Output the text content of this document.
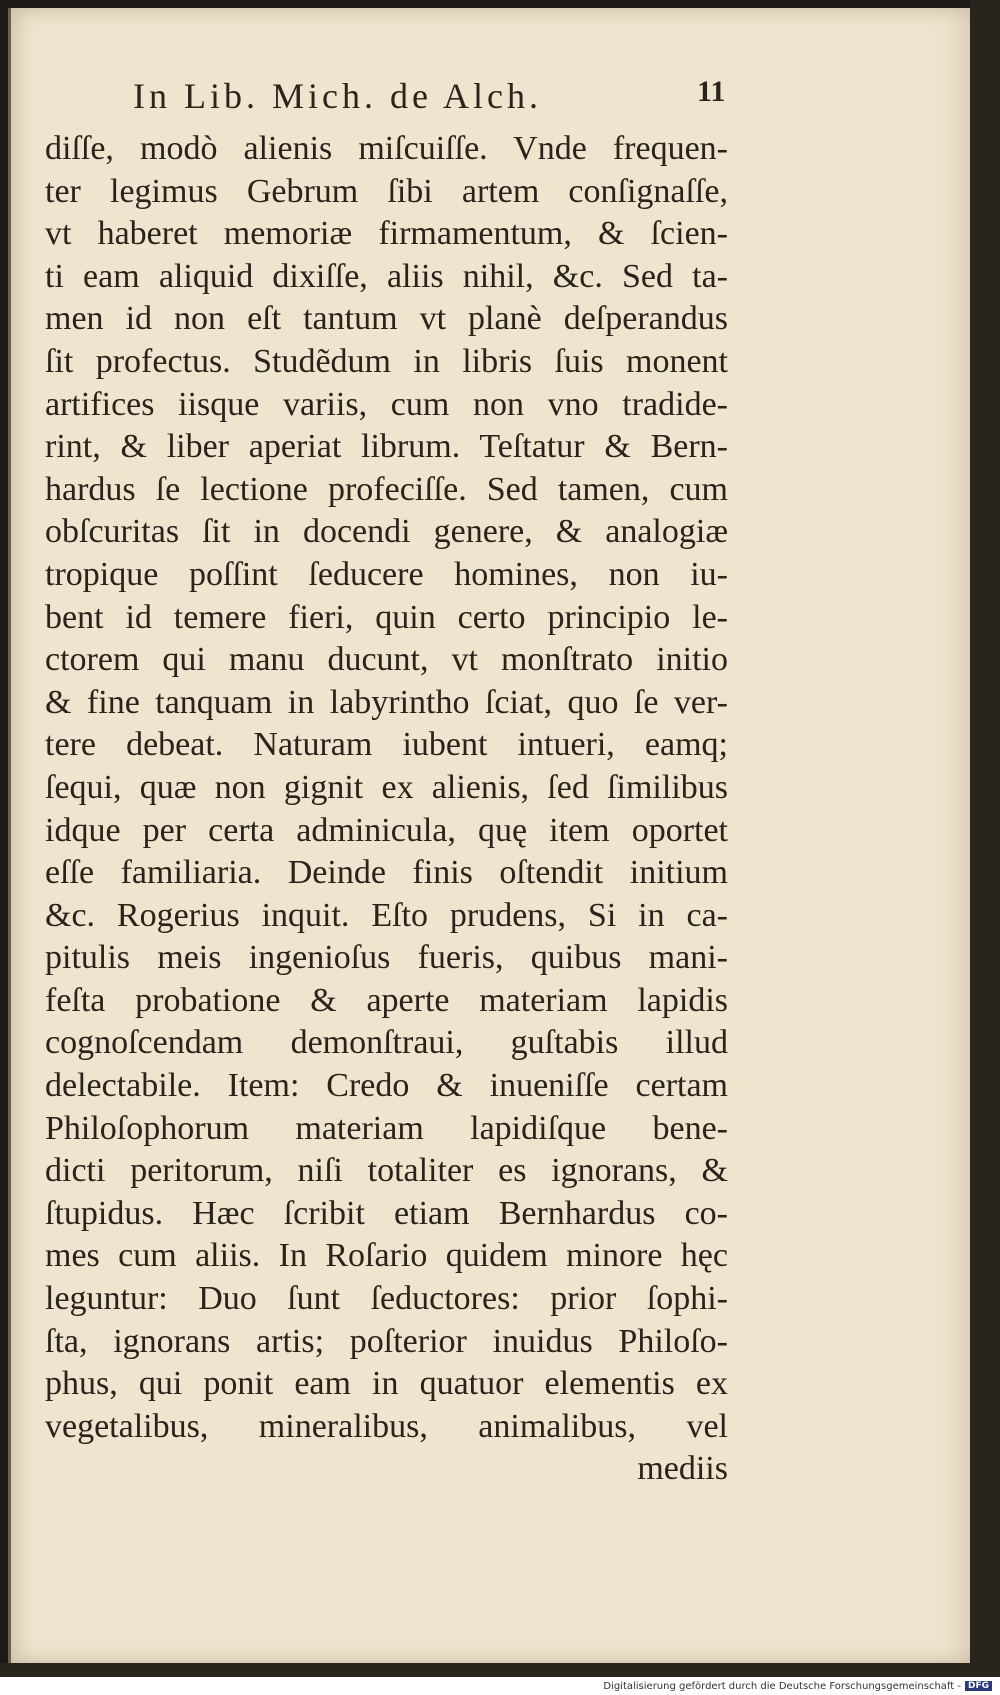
In Lib. Mich. de Alch.	11
diſſe, modò alienis miſcuiſſe. Vnde frequen-
ter legimus Gebrum ſibi artem conſignaſſe,
vt haberet memoriæ firmamentum, & ſcien-
ti eam aliquid dixiſſe, aliis nihil, &c. Sed ta-
men id non eſt tantum vt planè deſperandus
ſit profectus. Studẽdum in libris ſuis monent
artifices iisque variis, cum non vno tradide-
rint, & liber aperiat librum. Teſtatur & Bern-
hardus ſe lectione profeciſſe. Sed tamen, cum
obſcuritas ſit in docendi genere, & analogiæ
tropique poſſint ſeducere homines, non iu-
bent id temere fieri, quin certo principio le-
ctorem qui manu ducunt, vt monſtrato initio
& fine tanquam in labyrintho ſciat, quo ſe ver-
tere debeat. Naturam iubent intueri, eamq;
ſequi, quæ non gignit ex alienis, ſed ſimilibus
idque per certa adminicula, quę item oportet
eſſe familiaria. Deinde finis oſtendit initium
&c. Rogerius inquit. Eſto prudens, Si in ca-
pitulis meis ingenioſus fueris, quibus mani-
feſta probatione & aperte materiam lapidis
cognoſcendam demonſtraui, guſtabis illud
delectabile. Item: Credo & inueniſſe certam
Philoſophorum materiam lapidiſque bene-
dicti peritorum, niſi totaliter es ignorans, &
ſtupidus. Hæc ſcribit etiam Bernhardus co-
mes cum aliis. In Roſario quidem minore hęc
leguntur: Duo ſunt ſeductores: prior ſophi-
ſta, ignorans artis; poſterior inuidus Philoſo-
phus, qui ponit eam in quatuor elementis ex
vegetalibus, mineralibus, animalibus, vel
mediis
Digitalisierung gefördert durch die Deutsche Forschungsgemeinschaft - DFG
